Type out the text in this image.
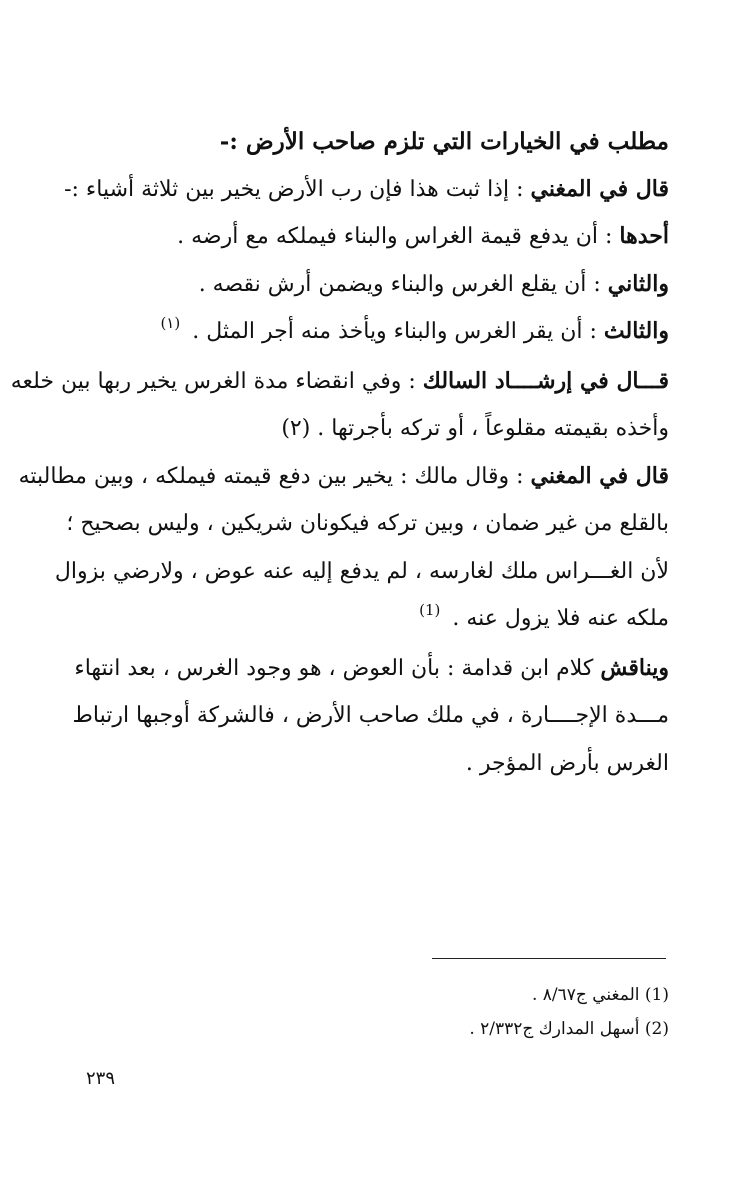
مطلب في الخيارات التي تلزم صاحب الأرض :-
قال في المغني : إذا ثبت هذا فإن رب الأرض يخير بين ثلاثة أشياء :-
أحدها : أن يدفع قيمة الغراس والبناء فيملكه مع أرضه .
والثاني : أن يقلع الغرس والبناء ويضمن أرش نقصه .
والثالث : أن يقر الغرس والبناء ويأخذ منه أجر المثل .$^{(١)}$
قـــال في إرشــــاد السالك : وفي انقضاء مدة الغرس يخير ربها بين خلعه
وأخذه بقيمته مقلوعاً ، أو تركه بأجرتها . (٢)
قال في المغني : وقال مالك : يخير بين دفع قيمته فيملكه ، وبين مطالبته
بالقلع من غير ضمان ، وبين تركه فيكونان شريكين ، وليس بصحيح ؛
لأن الغـــراس ملك لغارسه ، لم يدفع إليه عنه عوض ، ولارضي بزوال
ملكه عنه فلا يزول عنه .$^{(1)}$
ويناقش كلام ابن قدامة : بأن العوض ، هو وجود الغرس ، بعد انتهاء
مـــدة الإجــــارة ، في ملك صاحب الأرض ، فالشركة أوجبها ارتباط
الغرس بأرض المؤجر .
(1) المغني ج٨/٦٧ .
(2) أسهل المدارك ج٢/٣٣٢ .
٢٣٩
